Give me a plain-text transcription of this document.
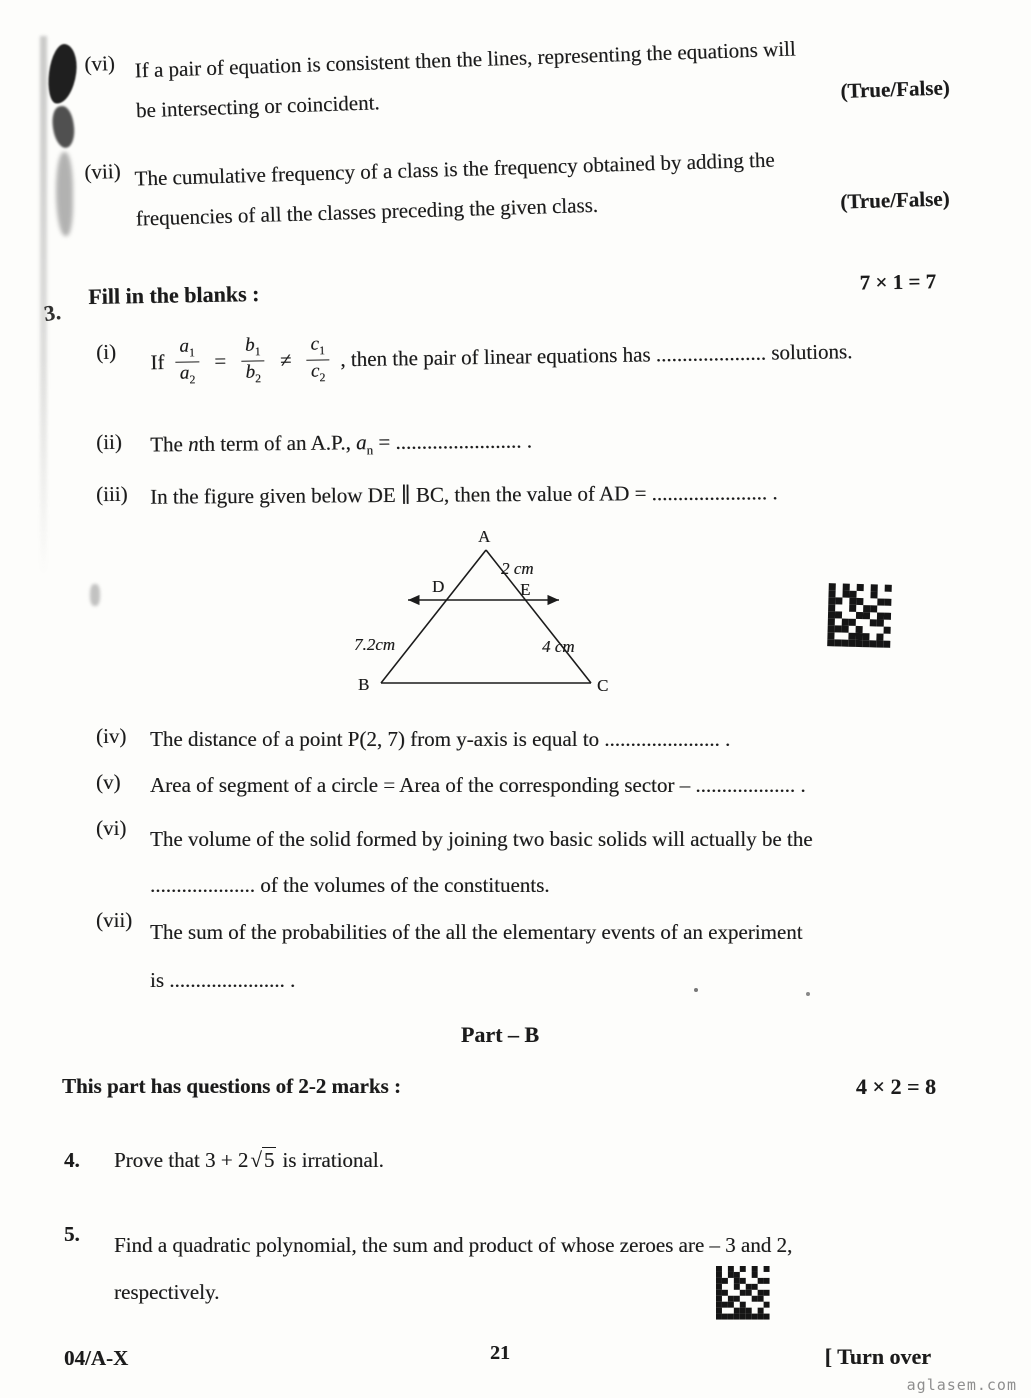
(vi) If a pair of equation is consistent then the lines, representing the equations will
be intersecting or coincident.
(True/False)
(vii) The cumulative frequency of a class is the frequency obtained by adding the
frequencies of all the classes preceding the given class.	(True/False)
3.
Fill in the blanks :	7 × 1 = 7
(i)	If $\frac{a_1}{a_2} = \frac{b_1}{b_2} \ne \frac{c_1}{c_2}$ , then the pair of linear equations has ..................... solutions.
(ii)	The nth term of an A.P., $a_n$ = ........................ .
(iii)	In the figure given below DE ∥ BC, then the value of AD = ...................... .
A
B	C
D	E
2 cm
7.2cm	4 cm
(iv)	The distance of a point P(2, 7) from y-axis is equal to ...................... .
(v)	Area of segment of a circle = Area of the corresponding sector – ................... .
(vi)	The volume of the solid formed by joining two basic solids will actually be the
.................... of the volumes of the constituents.
(vii) The sum of the probabilities of the all the elementary events of an experiment
is ...................... .
Part – B
This part has questions of 2-2 marks :	4 × 2 = 8
4.	Prove that 3 + 2√5 is irrational.
5.	Find a quadratic polynomial, the sum and product of whose zeroes are – 3 and 2,
respectively.
04/A-X	21	[ Turn over
aglasem.com
